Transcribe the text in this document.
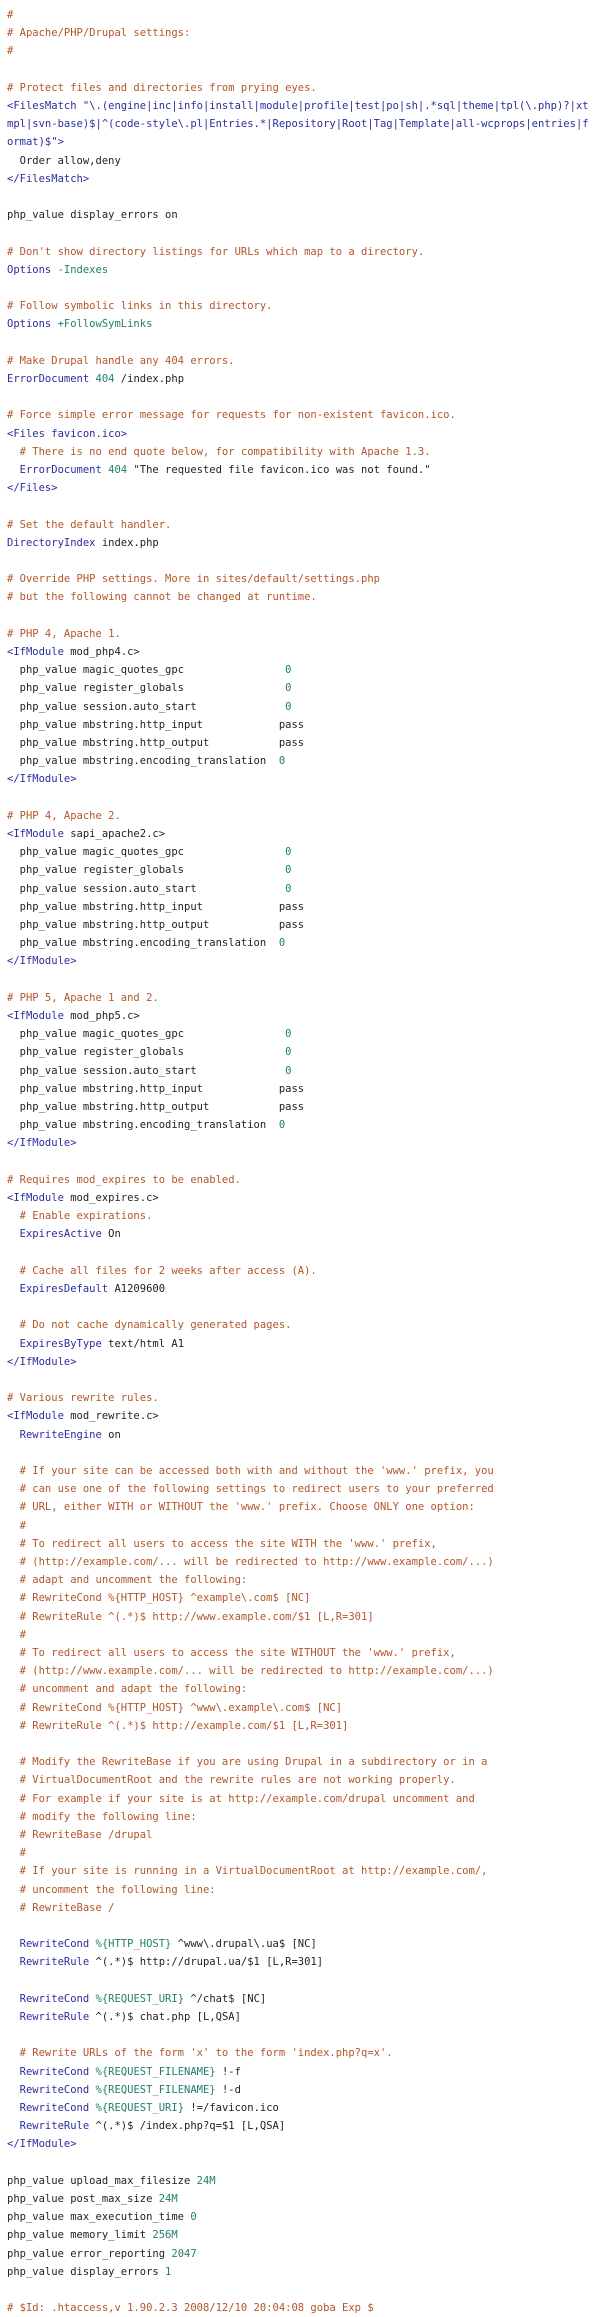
#
# Apache/PHP/Drupal settings:
#
# Protect files and directories from prying eyes.
<FilesMatch "\.(engine|inc|info|install|module|profile|test|po|sh|.*sql|theme|tpl(\.php)?|xtmpl|svn-base)$|^(code-style\.pl|Entries.*|Repository|Root|Tag|Template|all-wcprops|entries|format)$">
Order allow,deny
</FilesMatch>
php_value display_errors on
# Don't show directory listings for URLs which map to a directory.
Options -Indexes
# Follow symbolic links in this directory.
Options +FollowSymLinks
# Make Drupal handle any 404 errors.
ErrorDocument 404 /index.php
# Force simple error message for requests for non-existent favicon.ico.
<Files favicon.ico>
# There is no end quote below, for compatibility with Apache 1.3.
ErrorDocument 404 "The requested file favicon.ico was not found."
</Files>
# Set the default handler.
DirectoryIndex index.php
# Override PHP settings. More in sites/default/settings.php
# but the following cannot be changed at runtime.
# PHP 4, Apache 1.
<IfModule mod_php4.c>
php_value magic_quotes_gpc                0
php_value register_globals                0
php_value session.auto_start              0
php_value mbstring.http_input            pass
php_value mbstring.http_output           pass
php_value mbstring.encoding_translation  0
</IfModule>
# PHP 4, Apache 2.
<IfModule sapi_apache2.c>
php_value magic_quotes_gpc                0
php_value register_globals                0
php_value session.auto_start              0
php_value mbstring.http_input            pass
php_value mbstring.http_output           pass
php_value mbstring.encoding_translation  0
</IfModule>
# PHP 5, Apache 1 and 2.
<IfModule mod_php5.c>
php_value magic_quotes_gpc                0
php_value register_globals                0
php_value session.auto_start              0
php_value mbstring.http_input            pass
php_value mbstring.http_output           pass
php_value mbstring.encoding_translation  0
</IfModule>
# Requires mod_expires to be enabled.
<IfModule mod_expires.c>
# Enable expirations.
ExpiresActive On
# Cache all files for 2 weeks after access (A).
ExpiresDefault A1209600
# Do not cache dynamically generated pages.
ExpiresByType text/html A1
</IfModule>
# Various rewrite rules.
<IfModule mod_rewrite.c>
RewriteEngine on
# If your site can be accessed both with and without the 'www.' prefix, you
# can use one of the following settings to redirect users to your preferred
# URL, either WITH or WITHOUT the 'www.' prefix. Choose ONLY one option:
#
# To redirect all users to access the site WITH the 'www.' prefix,
# (http://example.com/... will be redirected to http://www.example.com/...)
# adapt and uncomment the following:
# RewriteCond %{HTTP_HOST} ^example\.com$ [NC]
# RewriteRule ^(.*)$ http://www.example.com/$1 [L,R=301]
#
# To redirect all users to access the site WITHOUT the 'www.' prefix,
# (http://www.example.com/... will be redirected to http://example.com/...)
# uncomment and adapt the following:
# RewriteCond %{HTTP_HOST} ^www\.example\.com$ [NC]
# RewriteRule ^(.*)$ http://example.com/$1 [L,R=301]
# Modify the RewriteBase if you are using Drupal in a subdirectory or in a
# VirtualDocumentRoot and the rewrite rules are not working properly.
# For example if your site is at http://example.com/drupal uncomment and
# modify the following line:
# RewriteBase /drupal
#
# If your site is running in a VirtualDocumentRoot at http://example.com/,
# uncomment the following line:
# RewriteBase /
RewriteCond %{HTTP_HOST} ^www\.drupal\.ua$ [NC]
RewriteRule ^(.*)$ http://drupal.ua/$1 [L,R=301]
RewriteCond %{REQUEST_URI} ^/chat$ [NC]
RewriteRule ^(.*)$ chat.php [L,QSA]
# Rewrite URLs of the form 'x' to the form 'index.php?q=x'.
RewriteCond %{REQUEST_FILENAME} !-f
RewriteCond %{REQUEST_FILENAME} !-d
RewriteCond %{REQUEST_URI} !=/favicon.ico
RewriteRule ^(.*)$ /index.php?q=$1 [L,QSA]
</IfModule>
php_value upload_max_filesize 24M
php_value post_max_size 24M
php_value max_execution_time 0
php_value memory_limit 256M
php_value error_reporting 2047
php_value display_errors 1
# $Id: .htaccess,v 1.90.2.3 2008/12/10 20:04:08 goba Exp $
